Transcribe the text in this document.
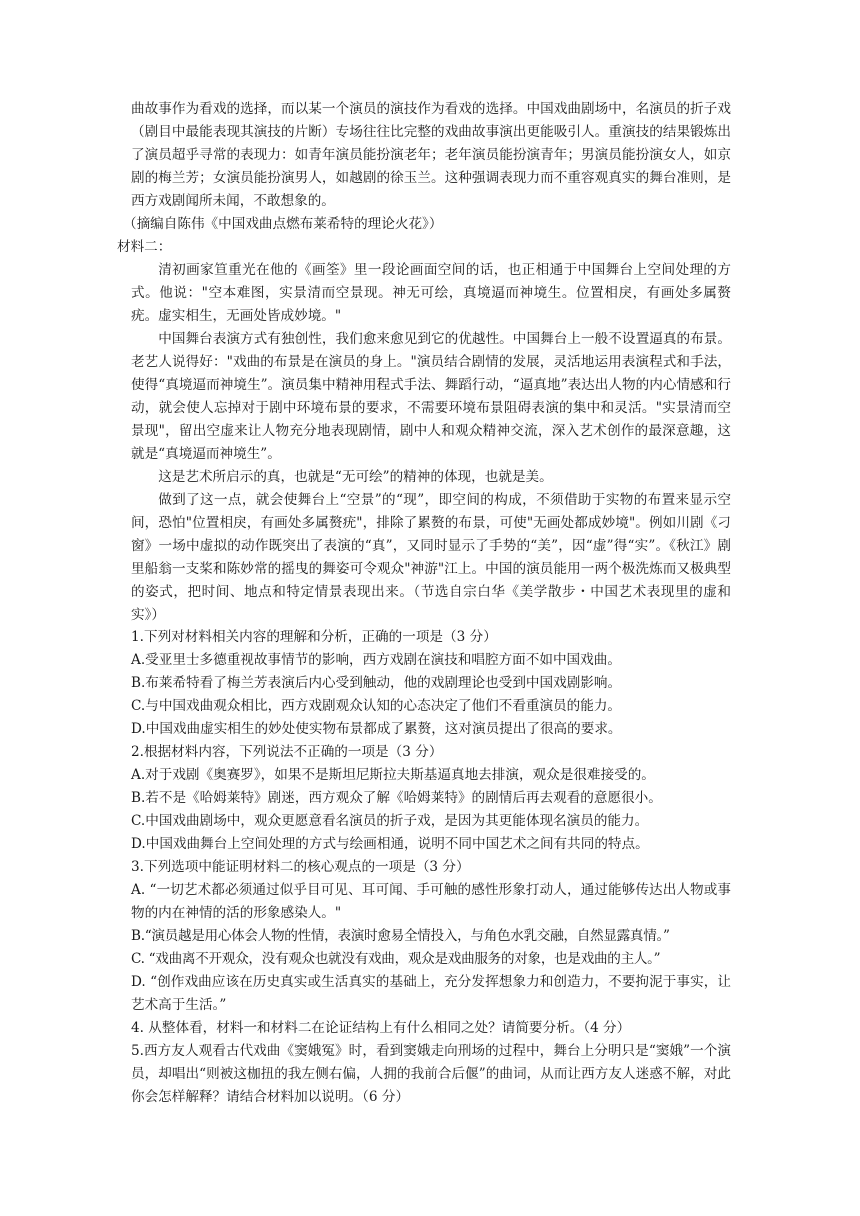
曲故事作为看戏的选择，而以某一个演员的演技作为看戏的选择。中国戏曲剧场中，名演员的折子戏（剧目中最能表现其演技的片断）专场往往比完整的戏曲故事演出更能吸引人。重演技的结果锻炼出了演员超乎寻常的表现力：如青年演员能扮演老年；老年演员能扮演青年；男演员能扮演女人，如京剧的梅兰芳；女演员能扮演男人，如越剧的徐玉兰。这种强调表现力而不重容观真实的舞台准则，是西方戏剧闻所未闻，不敢想象的。

（摘编自陈伟《中国戏曲点燃布莱希特的理论火花》）

材料二：

清初画家笪重光在他的《画筌》里一段论画面空间的话，也正相通于中国舞台上空间处理的方式。他说："空本难图，实景清而空景现。神无可绘，真境逼而神境生。位置相戾，有画处多属赘疣。虚实相生，无画处皆成妙境。"

中国舞台表演方式有独创性，我们愈来愈见到它的优越性。中国舞台上一般不设置逼真的布景。老艺人说得好："戏曲的布景是在演员的身上。"演员结合剧情的发展，灵活地运用表演程式和手法，使得“真境逼而神境生”。演员集中精神用程式手法、舞蹈行动，“逼真地”表达出人物的内心情感和行动，就会使人忘掉对于剧中环境布景的要求，不需要环境布景阻碍表演的集中和灵活。"实景清而空景现"，留出空虚来让人物充分地表现剧情，剧中人和观众精神交流，深入艺术创作的最深意趣，这就是“真境逼而神境生”。

这是艺术所启示的真，也就是“无可绘”的精神的体现，也就是美。

做到了这一点，就会使舞台上“空景”的“现”，即空间的构成，不须借助于实物的布置来显示空间，恐怕"位置相戾，有画处多属赘疣"，排除了累赘的布景，可使"无画处都成妙境"。例如川剧《刁窗》一场中虚拟的动作既突出了表演的“真”，又同时显示了手势的“美”，因“虚”得“实”。《秋江》剧里船翁一支桨和陈妙常的摇曳的舞姿可令观众"神游"江上。中国的演员能用一两个极洗炼而又极典型的姿式，把时间、地点和特定情景表现出来。（节选自宗白华《美学散步・中国艺术表现里的虚和实》）

1.下列对材料相关内容的理解和分析，正确的一项是（3 分）

A.受亚里士多德重视故事情节的影响，西方戏剧在演技和唱腔方面不如中国戏曲。

B.布莱希特看了梅兰芳表演后内心受到触动，他的戏剧理论也受到中国戏剧影响。

C.与中国戏曲观众相比，西方戏剧观众认知的心态决定了他们不看重演员的能力。

D.中国戏曲虚实相生的妙处使实物布景都成了累赘，这对演员提出了很高的要求。

2.根据材料内容，下列说法不正确的一项是（3 分）

A.对于戏剧《奥赛罗》，如果不是斯坦尼斯拉夫斯基逼真地去排演，观众是很难接受的。

B.若不是《哈姆莱特》剧迷，西方观众了解《哈姆莱特》的剧情后再去观看的意愿很小。

C.中国戏曲剧场中，观众更愿意看名演员的折子戏，是因为其更能体现名演员的能力。

D.中国戏曲舞台上空间处理的方式与绘画相通，说明不同中国艺术之间有共同的特点。

3.下列选项中能证明材料二的核心观点的一项是（3 分）

A. “一切艺术都必须通过似乎目可见、耳可闻、手可触的感性形象打动人，通过能够传达出人物或事物的内在神情的活的形象感染人。"

B.“演员越是用心体会人物的性情，表演时愈易全情投入，与角色水乳交融，自然显露真情。”

C. “戏曲离不开观众，没有观众也就没有戏曲，观众是戏曲服务的对象，也是戏曲的主人。”

D. “创作戏曲应该在历史真实或生活真实的基础上，充分发挥想象力和创造力，不要拘泥于事实，让艺术高于生活。”

4. 从整体看，材料一和材料二在论证结构上有什么相同之处？请简要分析。（4 分）

5.西方友人观看古代戏曲《窦娥冤》时，看到窦娥走向刑场的过程中，舞台上分明只是“窦娥”一个演员，却唱出“则被这枷扭的我左侧右偏，人拥的我前合后偃”的曲词，从而让西方友人迷惑不解，对此你会怎样解释？请结合材料加以说明。（6 分）
